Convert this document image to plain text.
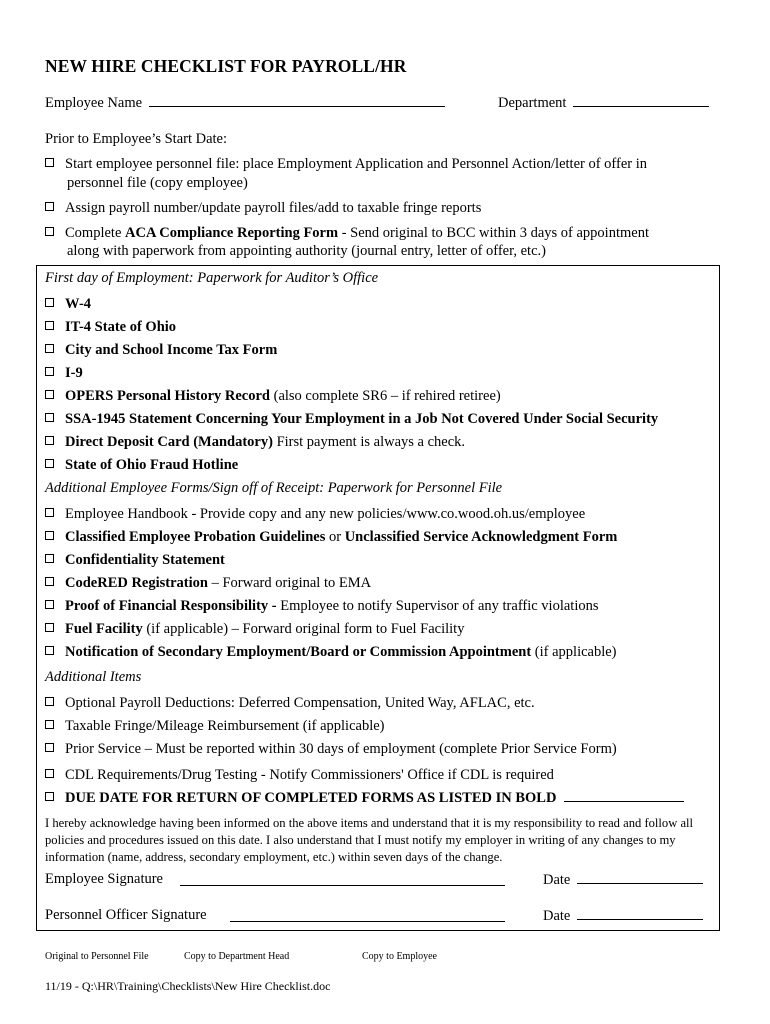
NEW HIRE CHECKLIST FOR PAYROLL/HR
Employee Name	Department
Prior to Employee’s Start Date:
Start employee personnel file: place Employment Application and Personnel Action/letter of offer in
personnel file (copy employee)
Assign payroll number/update payroll files/add to taxable fringe reports
Complete ACA Compliance Reporting Form - Send original to BCC within 3 days of appointment
along with paperwork from appointing authority (journal entry, letter of offer, etc.)
First day of Employment: Paperwork for Auditor’s Office
W-4
IT-4 State of Ohio
City and School Income Tax Form
I-9
OPERS Personal History Record (also complete SR6 – if rehired retiree)
SSA-1945 Statement Concerning Your Employment in a Job Not Covered Under Social Security
Direct Deposit Card (Mandatory) First payment is always a check.
State of Ohio Fraud Hotline
Additional Employee Forms/Sign off of Receipt: Paperwork for Personnel File
Employee Handbook - Provide copy and any new policies/www.co.wood.oh.us/employee
Classified Employee Probation Guidelines or Unclassified Service Acknowledgment Form
Confidentiality Statement
CodeRED Registration – Forward original to EMA
Proof of Financial Responsibility - Employee to notify Supervisor of any traffic violations
Fuel Facility (if applicable) – Forward original form to Fuel Facility
Notification of Secondary Employment/Board or Commission Appointment (if applicable)
Additional Items
Optional Payroll Deductions: Deferred Compensation, United Way, AFLAC, etc.
Taxable Fringe/Mileage Reimbursement (if applicable)
Prior Service – Must be reported within 30 days of employment (complete Prior Service Form)
CDL Requirements/Drug Testing - Notify Commissioners' Office if CDL is required
DUE DATE FOR RETURN OF COMPLETED FORMS AS LISTED IN BOLD
I hereby acknowledge having been informed on the above items and understand that it is my responsibility to read and follow all policies and procedures issued on this date. I also understand that I must notify my employer in writing of any changes to my information (name, address, secondary employment, etc.) within seven days of the change.
Employee Signature	Date
Personnel Officer Signature	Date
Original to Personnel File	Copy to Department Head	Copy to Employee
11/19 - Q:\HR\Training\Checklists\New Hire Checklist.doc
